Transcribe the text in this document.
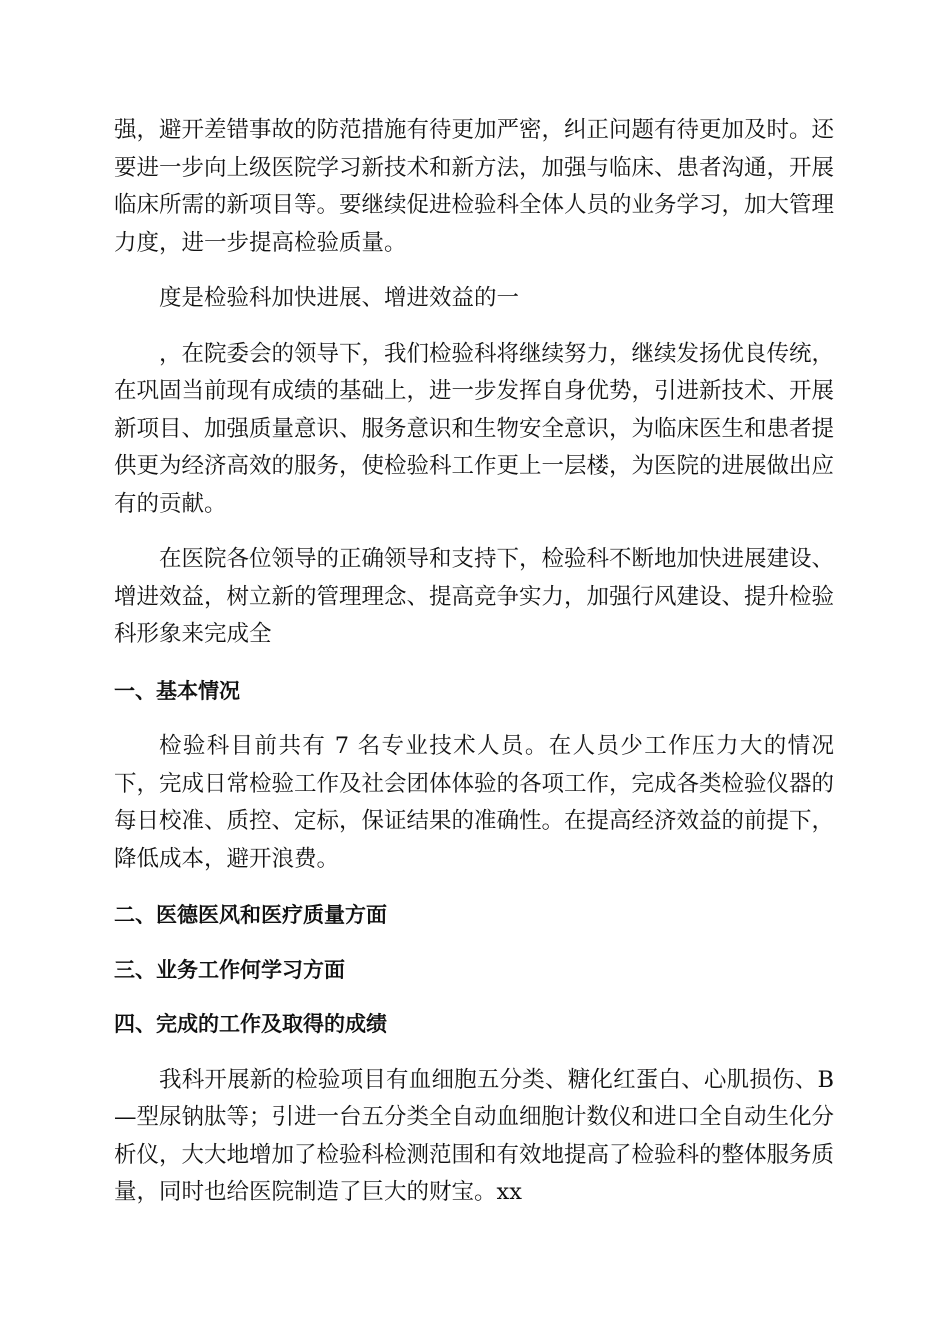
强，避开差错事故的防范措施有待更加严密，纠正问题有待更加及时。还要进一步向上级医院学习新技术和新方法，加强与临床、患者沟通，开展临床所需的新项目等。要继续促进检验科全体人员的业务学习，加大管理力度，进一步提高检验质量。

度是检验科加快进展、增进效益的一

，在院委会的领导下，我们检验科将继续努力，继续发扬优良传统，在巩固当前现有成绩的基础上，进一步发挥自身优势，引进新技术、开展新项目、加强质量意识、服务意识和生物安全意识，为临床医生和患者提供更为经济高效的服务，使检验科工作更上一层楼，为医院的进展做出应有的贡献。

在医院各位领导的正确领导和支持下，检验科不断地加快进展建设、增进效益，树立新的管理理念、提高竞争实力，加强行风建设、提升检验科形象来完成全

一、基本情况

检验科目前共有 7 名专业技术人员。在人员少工作压力大的情况下，完成日常检验工作及社会团体体验的各项工作，完成各类检验仪器的每日校准、质控、定标，保证结果的准确性。在提高经济效益的前提下，降低成本，避开浪费。

二、医德医风和医疗质量方面
三、业务工作何学习方面
四、完成的工作及取得的成绩

我科开展新的检验项目有血细胞五分类、糖化红蛋白、心肌损伤、B—型尿钠肽等；引进一台五分类全自动血细胞计数仪和进口全自动生化分析仪，大大地增加了检验科检测范围和有效地提高了检验科的整体服务质量，同时也给医院制造了巨大的财宝。xx
